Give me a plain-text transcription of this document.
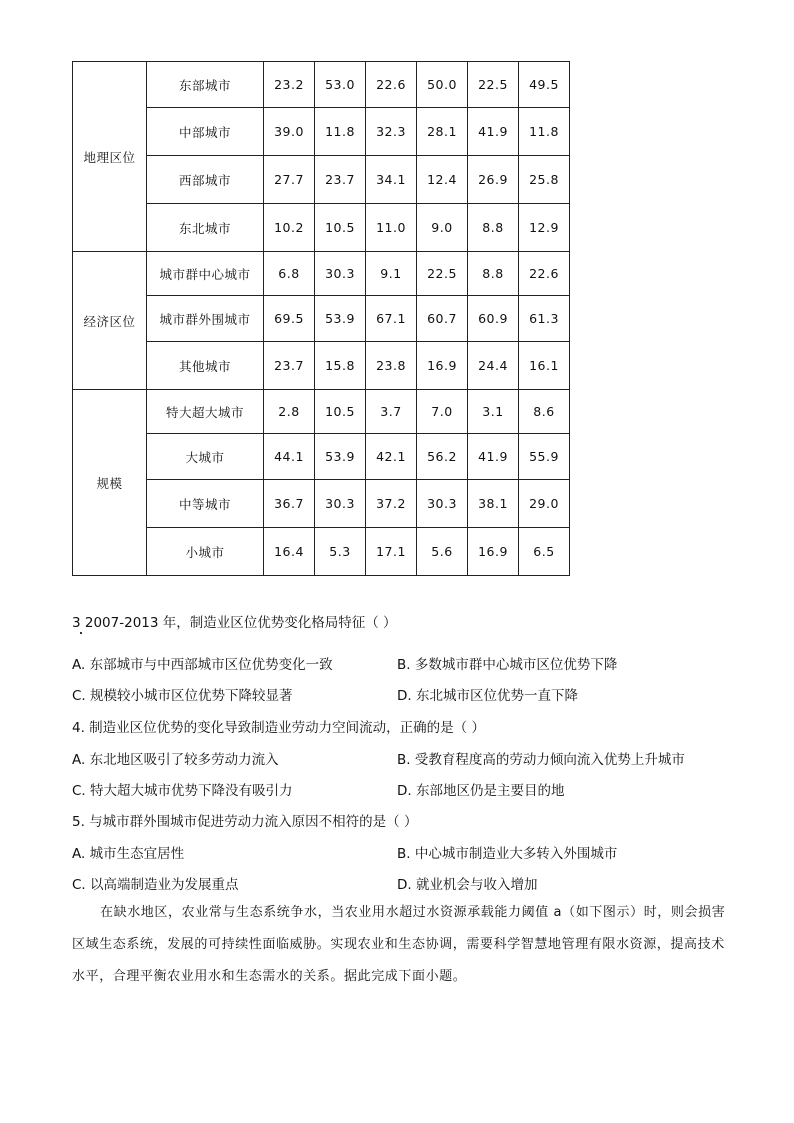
地理区位	东部城市	23.2	53.0	22.6	50.0	22.5	49.5
	中部城市	39.0	11.8	32.3	28.1	41.9	11.8
	西部城市	27.7	23.7	34.1	12.4	26.9	25.8
	东北城市	10.2	10.5	11.0	9.0	8.8	12.9
经济区位	城市群中心城市	6.8	30.3	9.1	22.5	8.8	22.6
	城市群外围城市	69.5	53.9	67.1	60.7	60.9	61.3
	其他城市	23.7	15.8	23.8	16.9	24.4	16.1
规模	特大超大城市	2.8	10.5	3.7	7.0	3.1	8.6
	大城市	44.1	53.9	42.1	56.2	41.9	55.9
	中等城市	36.7	30.3	37.2	30.3	38.1	29.0
	小城市	16.4	5.3	17.1	5.6	16.9	6.5
3 2007-2013 年，制造业区位优势变化格局特征（ ）
A. 东部城市与中西部城市区位优势变化一致	B. 多数城市群中心城市区位优势下降
C. 规模较小城市区位优势下降较显著	D. 东北城市区位优势一直下降
4. 制造业区位优势的变化导致制造业劳动力空间流动，正确的是（ ）
A. 东北地区吸引了较多劳动力流入	B. 受教育程度高的劳动力倾向流入优势上升城市
C. 特大超大城市优势下降没有吸引力	D. 东部地区仍是主要目的地
5. 与城市群外围城市促进劳动力流入原因不相符的是（ ）
A. 城市生态宜居性	B. 中心城市制造业大多转入外围城市
C. 以高端制造业为发展重点	D. 就业机会与收入增加
在缺水地区，农业常与生态系统争水，当农业用水超过水资源承载能力阈值 a（如下图示）时，则会损害区域生态系统，发展的可持续性面临威胁。实现农业和生态协调，需要科学智慧地管理有限水资源，提高技术水平，合理平衡农业用水和生态需水的关系。据此完成下面小题。
